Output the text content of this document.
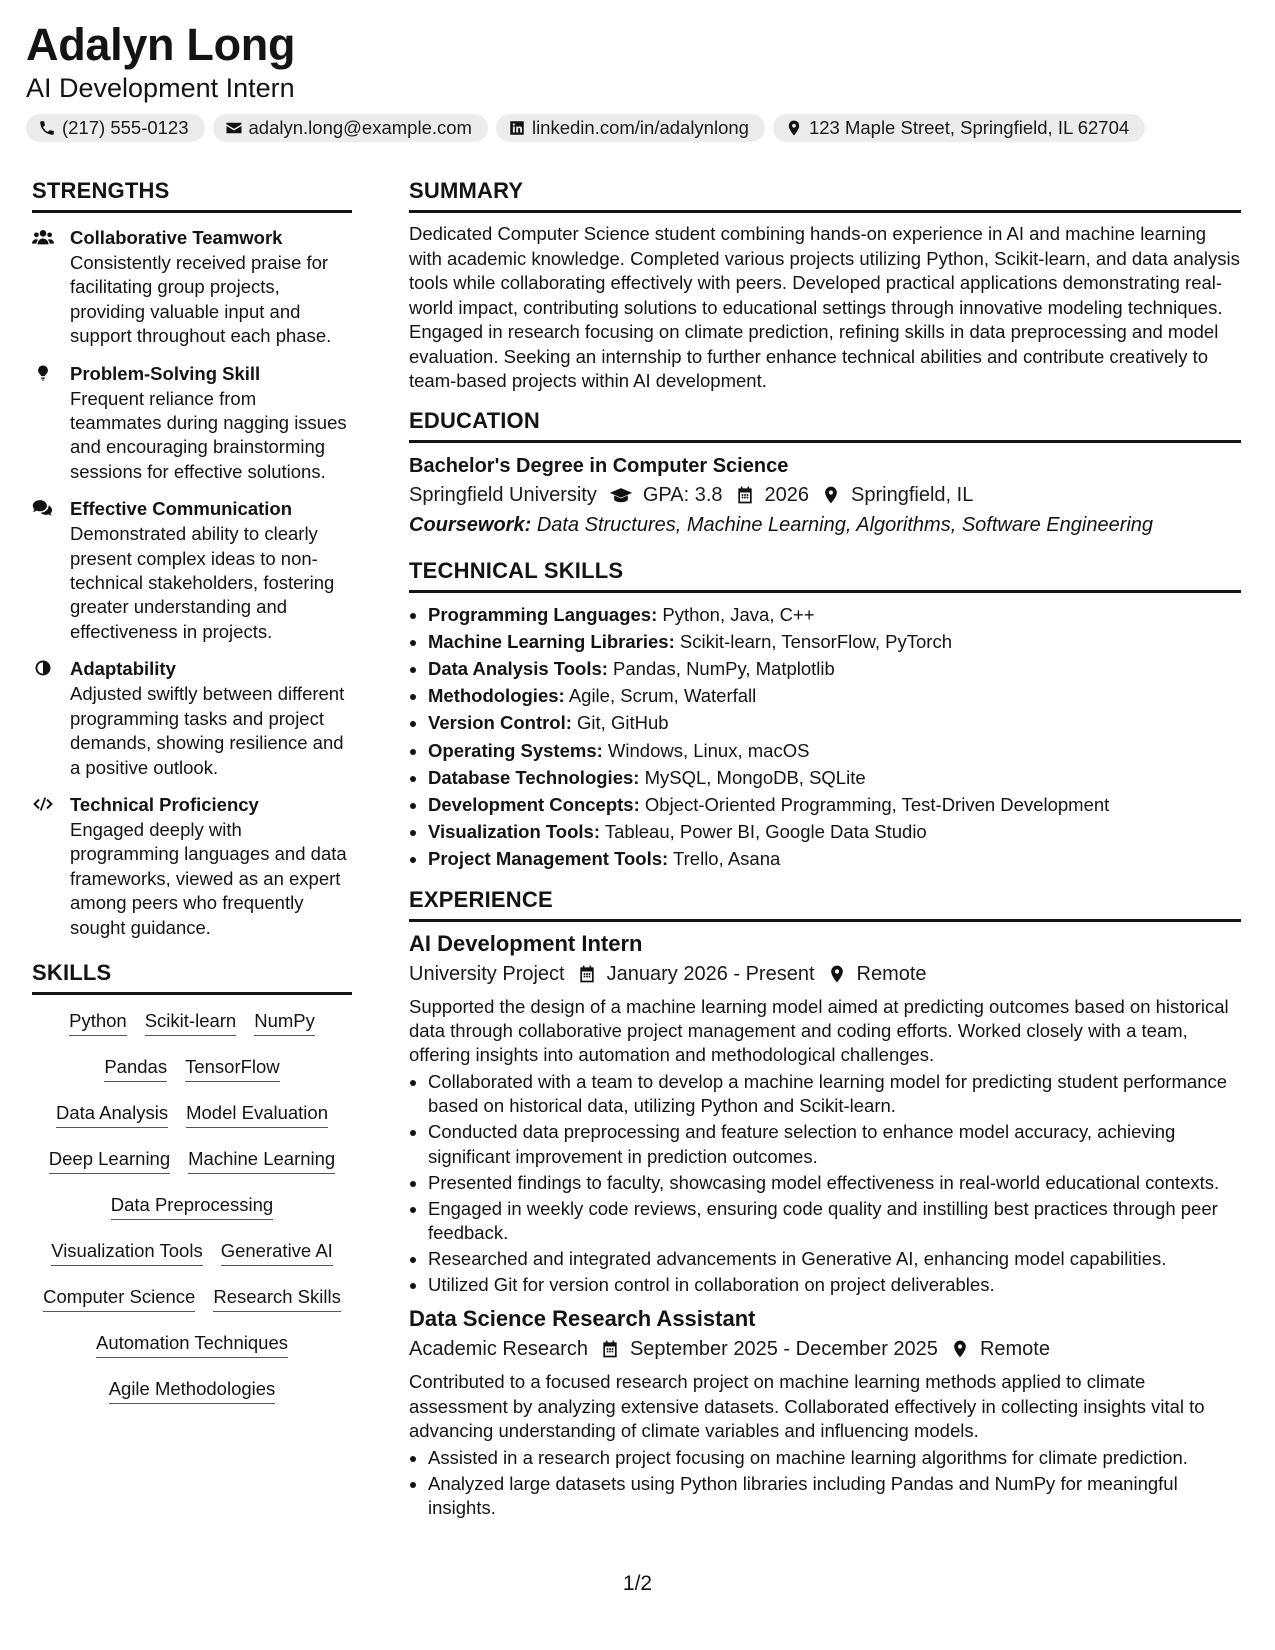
Adalyn Long
AI Development Intern
(217) 555-0123	adalyn.long@example.com	linkedin.com/in/adalynlong	123 Maple Street, Springfield, IL 62704
STRENGTHS
Collaborative Teamwork
Consistently received praise for facilitating group projects, providing valuable input and support throughout each phase.
Problem-Solving Skill
Frequent reliance from teammates during nagging issues and encouraging brainstorming sessions for effective solutions.
Effective Communication
Demonstrated ability to clearly present complex ideas to non-technical stakeholders, fostering greater understanding and effectiveness in projects.
Adaptability
Adjusted swiftly between different programming tasks and project demands, showing resilience and a positive outlook.
Technical Proficiency
Engaged deeply with programming languages and data frameworks, viewed as an expert among peers who frequently sought guidance.
SKILLS
Python Scikit-learn NumPy
Pandas TensorFlow
Data Analysis Model Evaluation
Deep Learning Machine Learning
Data Preprocessing
Visualization Tools Generative AI
Computer Science Research Skills
Automation Techniques
Agile Methodologies
SUMMARY
Dedicated Computer Science student combining hands-on experience in AI and machine learning with academic knowledge. Completed various projects utilizing Python, Scikit-learn, and data analysis tools while collaborating effectively with peers. Developed practical applications demonstrating real-world impact, contributing solutions to educational settings through innovative modeling techniques. Engaged in research focusing on climate prediction, refining skills in data preprocessing and model evaluation. Seeking an internship to further enhance technical abilities and contribute creatively to team-based projects within AI development.
EDUCATION
Bachelor's Degree in Computer Science
Springfield University GPA: 3.8 2026 Springfield, IL
Coursework: Data Structures, Machine Learning, Algorithms, Software Engineering
TECHNICAL SKILLS
• Programming Languages: Python, Java, C++
• Machine Learning Libraries: Scikit-learn, TensorFlow, PyTorch
• Data Analysis Tools: Pandas, NumPy, Matplotlib
• Methodologies: Agile, Scrum, Waterfall
• Version Control: Git, GitHub
• Operating Systems: Windows, Linux, macOS
• Database Technologies: MySQL, MongoDB, SQLite
• Development Concepts: Object-Oriented Programming, Test-Driven Development
• Visualization Tools: Tableau, Power BI, Google Data Studio
• Project Management Tools: Trello, Asana
EXPERIENCE
AI Development Intern
University Project January 2026 - Present Remote
Supported the design of a machine learning model aimed at predicting outcomes based on historical data through collaborative project management and coding efforts. Worked closely with a team, offering insights into automation and methodological challenges.
• Collaborated with a team to develop a machine learning model for predicting student performance based on historical data, utilizing Python and Scikit-learn.
• Conducted data preprocessing and feature selection to enhance model accuracy, achieving significant improvement in prediction outcomes.
• Presented findings to faculty, showcasing model effectiveness in real-world educational contexts.
• Engaged in weekly code reviews, ensuring code quality and instilling best practices through peer feedback.
• Researched and integrated advancements in Generative AI, enhancing model capabilities.
• Utilized Git for version control in collaboration on project deliverables.
Data Science Research Assistant
Academic Research September 2025 - December 2025 Remote
Contributed to a focused research project on machine learning methods applied to climate assessment by analyzing extensive datasets. Collaborated effectively in collecting insights vital to advancing understanding of climate variables and influencing models.
• Assisted in a research project focusing on machine learning algorithms for climate prediction.
• Analyzed large datasets using Python libraries including Pandas and NumPy for meaningful insights.
1/2
